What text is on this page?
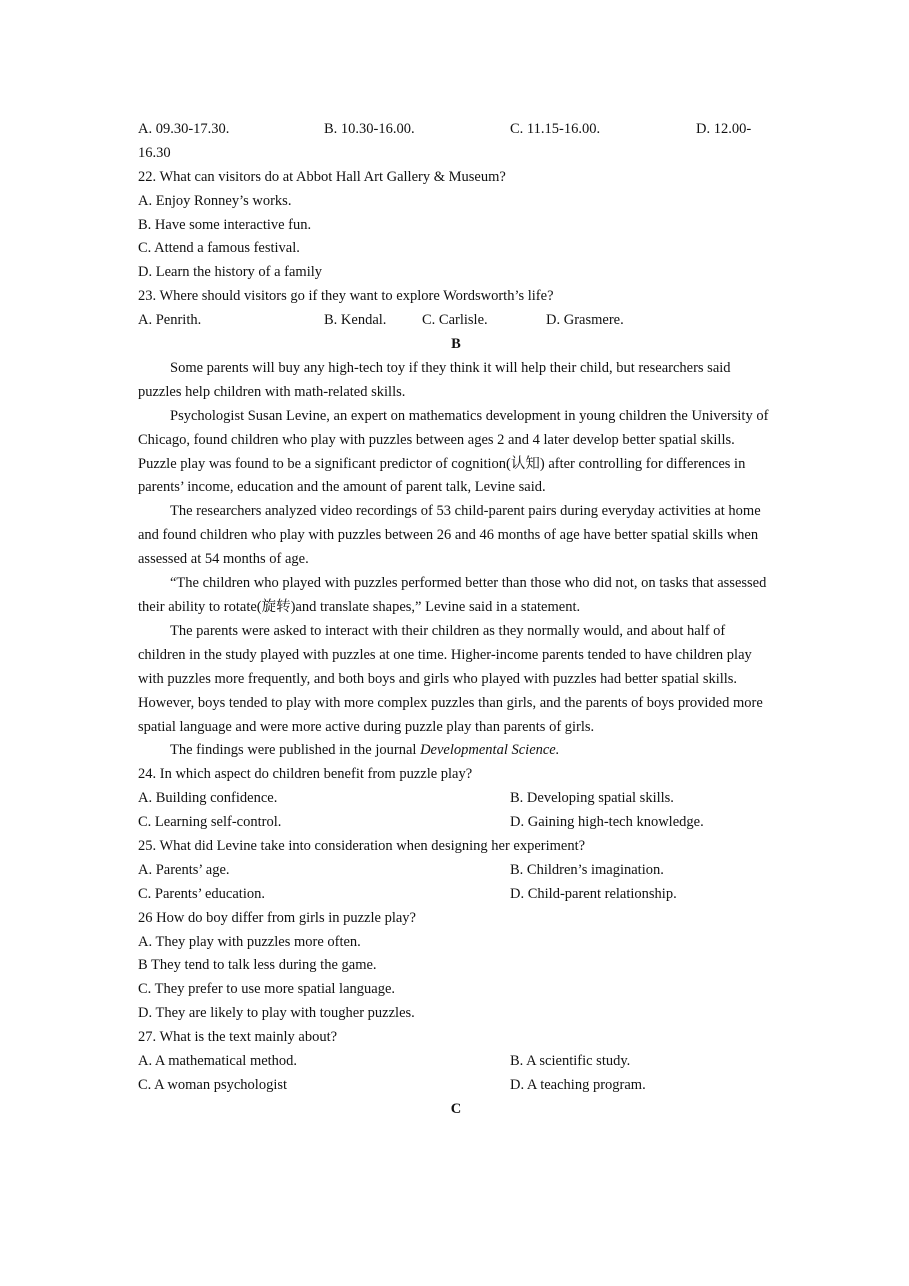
A. 09.30-17.30.	B. 10.30-16.00.	C. 11.15-16.00.	D. 12.00-
16.30
22. What can visitors do at Abbot Hall Art Gallery & Museum?
A. Enjoy Ronney’s works.
B. Have some interactive fun.
C. Attend a famous festival.
D. Learn the history of a family
23. Where should visitors go if they want to explore Wordsworth’s life?
A. Penrith.	B. Kendal.	C. Carlisle.	D. Grasmere.
B
Some parents will buy any high-tech toy if they think it will help their child, but researchers said puzzles help children with math-related skills.
Psychologist Susan Levine, an expert on mathematics development in young children the University of Chicago, found children who play with puzzles between ages 2 and 4 later develop better spatial skills. Puzzle play was found to be a significant predictor of cognition(认知) after controlling for differences in parents’ income, education and the amount of parent talk, Levine said.
The researchers analyzed video recordings of 53 child-parent pairs during everyday activities at home and found children who play with puzzles between 26 and 46 months of age have better spatial skills when assessed at 54 months of age.
“The children who played with puzzles performed better than those who did not, on tasks that assessed their ability to rotate(旋转)and translate shapes,” Levine said in a statement.
The parents were asked to interact with their children as they normally would, and about half of children in the study played with puzzles at one time. Higher-income parents tended to have children play with puzzles more frequently, and both boys and girls who played with puzzles had better spatial skills. However, boys tended to play with more complex puzzles than girls, and the parents of boys provided more spatial language and were more active during puzzle play than parents of girls.
The findings were published in the journal Developmental Science.
24. In which aspect do children benefit from puzzle play?
A. Building confidence.	B. Developing spatial skills.
C. Learning self-control.	D. Gaining high-tech knowledge.
25. What did Levine take into consideration when designing her experiment?
A. Parents’ age.	B. Children’s imagination.
C. Parents’ education.	D. Child-parent relationship.
26 How do boy differ from girls in puzzle play?
A. They play with puzzles more often.
B They tend to talk less during the game.
C. They prefer to use more spatial language.
D. They are likely to play with tougher puzzles.
27. What is the text mainly about?
A. A mathematical method.	B. A scientific study.
C. A woman psychologist	D. A teaching program.
C
